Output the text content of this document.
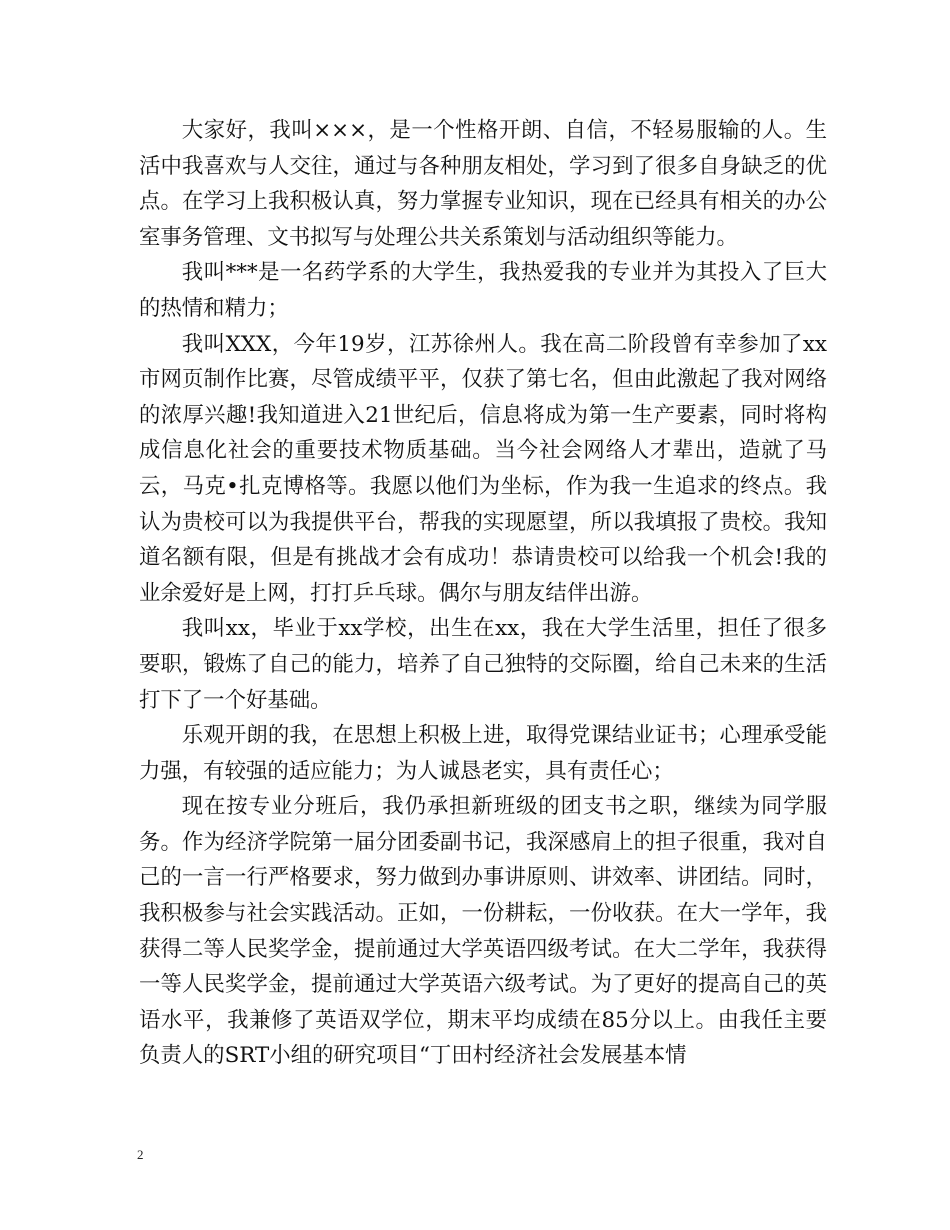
大家好，我叫×××，是一个性格开朗、自信，不轻易服输的人。生活中我喜欢与人交往，通过与各种朋友相处，学习到了很多自身缺乏的优点。在学习上我积极认真，努力掌握专业知识，现在已经具有相关的办公室事务管理、文书拟写与处理公共关系策划与活动组织等能力。

我叫***是一名药学系的大学生，我热爱我的专业并为其投入了巨大的热情和精力；

我叫XXX，今年19岁，江苏徐州人。我在高二阶段曾有幸参加了xx市网页制作比赛，尽管成绩平平，仅获了第七名，但由此激起了我对网络的浓厚兴趣!我知道进入21世纪后，信息将成为第一生产要素，同时将构成信息化社会的重要技术物质基础。当今社会网络人才辈出，造就了马云，马克•扎克博格等。我愿以他们为坐标，作为我一生追求的终点。我认为贵校可以为我提供平台，帮我的实现愿望，所以我填报了贵校。我知道名额有限，但是有挑战才会有成功！恭请贵校可以给我一个机会!我的业余爱好是上网，打打乒乓球。偶尔与朋友结伴出游。

我叫xx，毕业于xx学校，出生在xx，我在大学生活里，担任了很多要职，锻炼了自己的能力，培养了自己独特的交际圈，给自己未来的生活打下了一个好基础。

乐观开朗的我，在思想上积极上进，取得党课结业证书；心理承受能力强，有较强的适应能力；为人诚恳老实，具有责任心；

现在按专业分班后，我仍承担新班级的团支书之职，继续为同学服务。作为经济学院第一届分团委副书记，我深感肩上的担子很重，我对自己的一言一行严格要求，努力做到办事讲原则、讲效率、讲团结。同时，我积极参与社会实践活动。正如，一份耕耘，一份收获。在大一学年，我获得二等人民奖学金，提前通过大学英语四级考试。在大二学年，我获得一等人民奖学金，提前通过大学英语六级考试。为了更好的提高自己的英语水平，我兼修了英语双学位，期末平均成绩在85分以上。由我任主要负责人的SRT小组的研究项目“丁田村经济社会发展基本情

2
